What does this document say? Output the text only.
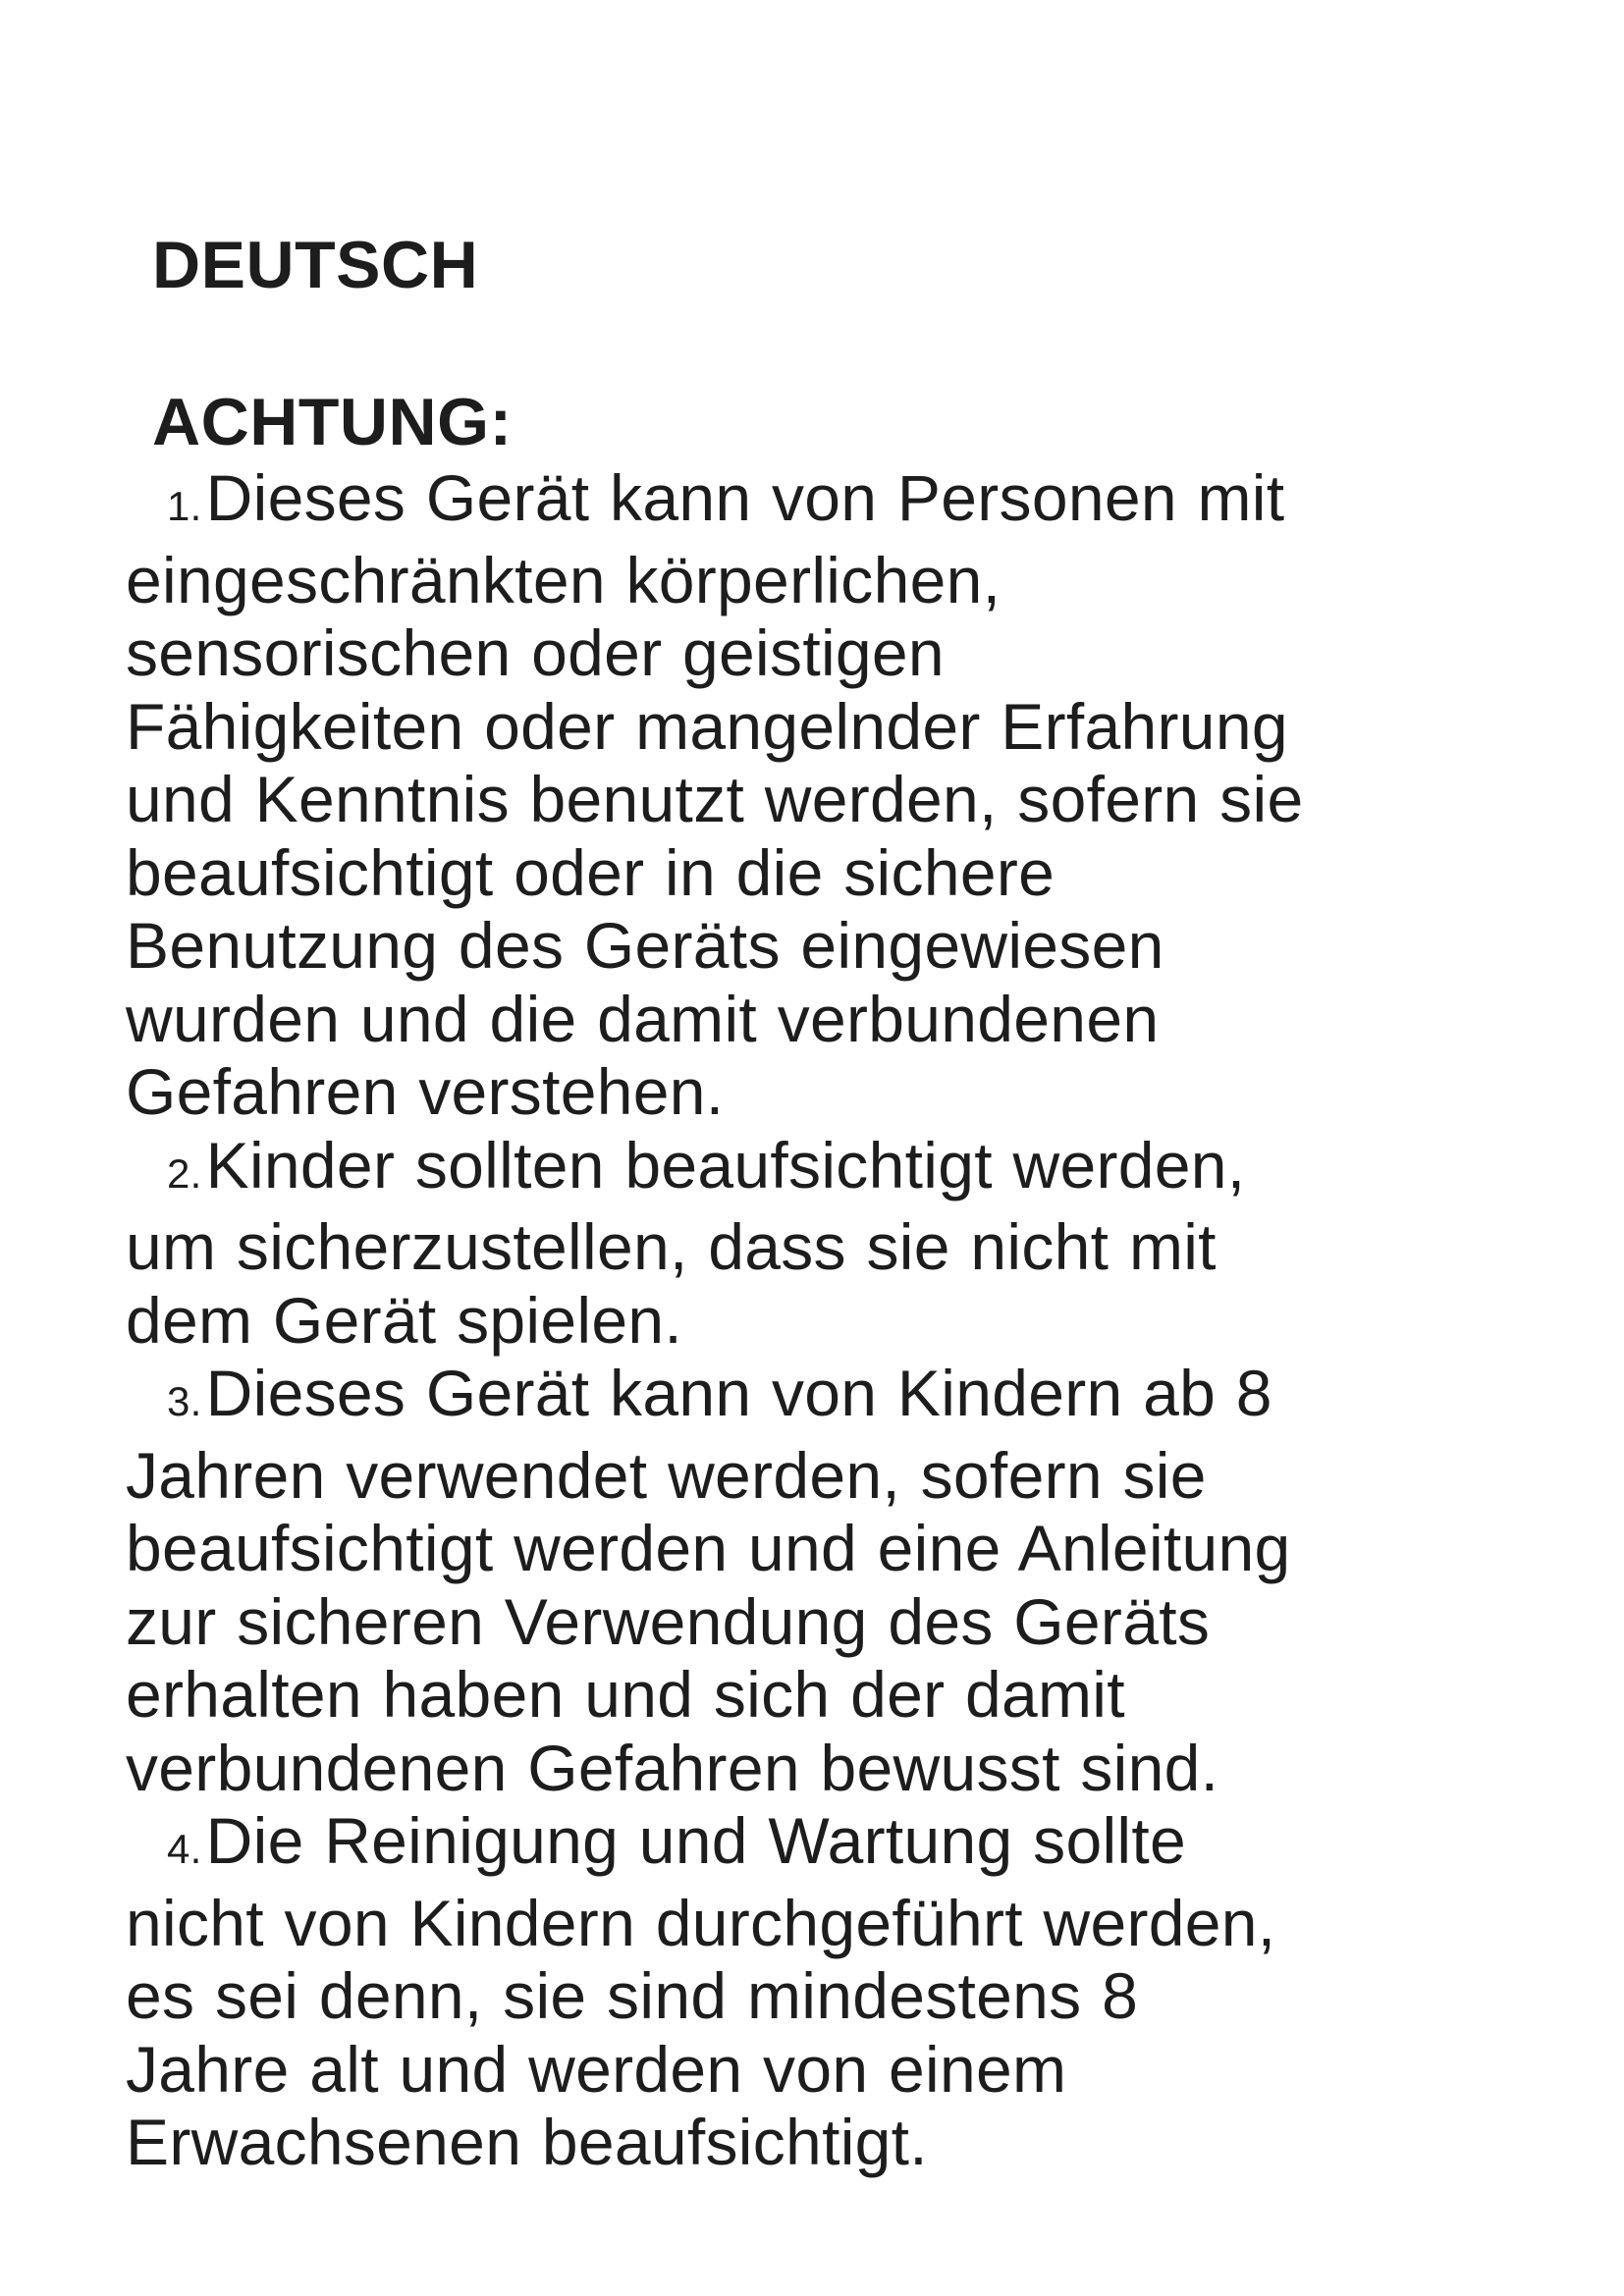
DEUTSCH
ACHTUNG:
1.Dieses Gerät kann von Personen mit
eingeschränkten körperlichen,
sensorischen oder geistigen
Fähigkeiten oder mangelnder Erfahrung
und Kenntnis benutzt werden, sofern sie
beaufsichtigt oder in die sichere
Benutzung des Geräts eingewiesen
wurden und die damit verbundenen
Gefahren verstehen.
2.Kinder sollten beaufsichtigt werden,
um sicherzustellen, dass sie nicht mit
dem Gerät spielen.
3.Dieses Gerät kann von Kindern ab 8
Jahren verwendet werden, sofern sie
beaufsichtigt werden und eine Anleitung
zur sicheren Verwendung des Geräts
erhalten haben und sich der damit
verbundenen Gefahren bewusst sind.
4.Die Reinigung und Wartung sollte
nicht von Kindern durchgeführt werden,
es sei denn, sie sind mindestens 8
Jahre alt und werden von einem
Erwachsenen beaufsichtigt.
